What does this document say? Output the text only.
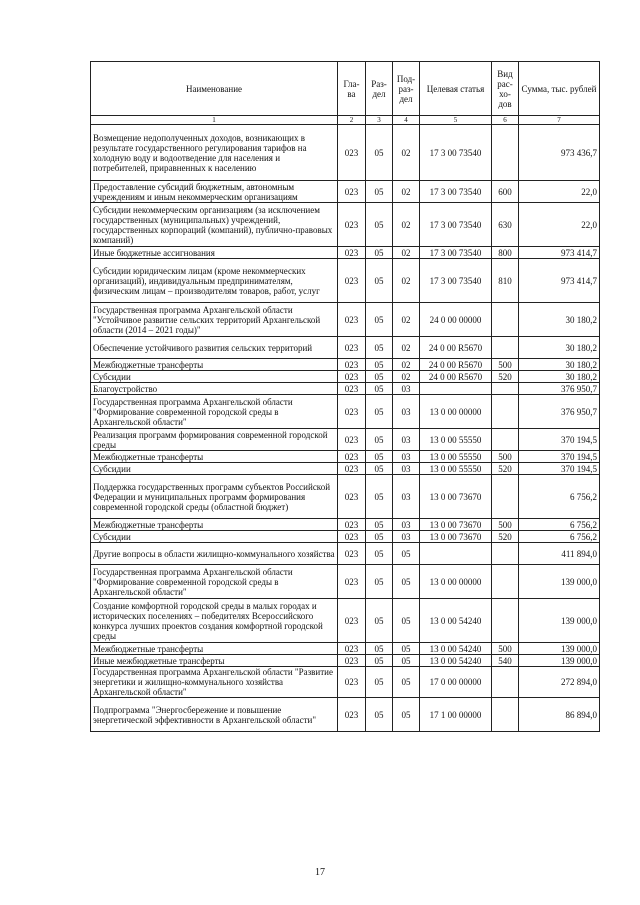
Наименование	Гла-ва	Раз-дел	Под-раз-дел	Целевая статья	Вид рас-хо-дов	Сумма, тыс. рублей
1	2	3	4	5	6	7
Возмещение недополученных доходов, возникающих в результате государственного регулирования тарифов на холодную воду и водоотведение для населения и потребителей, приравненных к населению	023	05	02	17 3 00 73540		973 436,7
Предоставление субсидий бюджетным, автономным учреждениям и иным некоммерческим организациям	023	05	02	17 3 00 73540	600	22,0
Субсидии некоммерческим организациям (за исключением государственных (муниципальных) учреждений, государственных корпораций (компаний), публично-правовых компаний)	023	05	02	17 3 00 73540	630	22,0
Иные бюджетные ассигнования	023	05	02	17 3 00 73540	800	973 414,7
Субсидии юридическим лицам (кроме некоммерческих организаций), индивидуальным предпринимателям, физическим лицам – производителям товаров, работ, услуг	023	05	02	17 3 00 73540	810	973 414,7
Государственная программа Архангельской области "Устойчивое развитие сельских территорий Архангельской области (2014 – 2021 годы)"	023	05	02	24 0 00 00000		30 180,2
Обеспечение устойчивого развития сельских территорий	023	05	02	24 0 00 R5670		30 180,2
Межбюджетные трансферты	023	05	02	24 0 00 R5670	500	30 180,2
Субсидии	023	05	02	24 0 00 R5670	520	30 180,2
Благоустройство	023	05	03			376 950,7
Государственная программа Архангельской области "Формирование современной городской среды в Архангельской области"	023	05	03	13 0 00 00000		376 950,7
Реализация программ формирования современной городской среды	023	05	03	13 0 00 55550		370 194,5
Межбюджетные трансферты	023	05	03	13 0 00 55550	500	370 194,5
Субсидии	023	05	03	13 0 00 55550	520	370 194,5
Поддержка государственных программ субъектов Российской Федерации и муниципальных программ формирования современной городской среды (областной бюджет)	023	05	03	13 0 00 73670		6 756,2
Межбюджетные трансферты	023	05	03	13 0 00 73670	500	6 756,2
Субсидии	023	05	03	13 0 00 73670	520	6 756,2
Другие вопросы в области жилищно-коммунального хозяйства	023	05	05			411 894,0
Государственная программа Архангельской области "Формирование современной городской среды в Архангельской области"	023	05	05	13 0 00 00000		139 000,0
Создание комфортной городской среды в малых городах и исторических поселениях – победителях Всероссийского конкурса лучших проектов создания комфортной городской среды	023	05	05	13 0 00 54240		139 000,0
Межбюджетные трансферты	023	05	05	13 0 00 54240	500	139 000,0
Иные межбюджетные трансферты	023	05	05	13 0 00 54240	540	139 000,0
Государственная программа Архангельской области "Развитие энергетики и жилищно-коммунального хозяйства Архангельской области"	023	05	05	17 0 00 00000		272 894,0
Подпрограмма "Энергосбережение и повышение энергетической эффективности в Архангельской области"	023	05	05	17 1 00 00000		86 894,0
17
